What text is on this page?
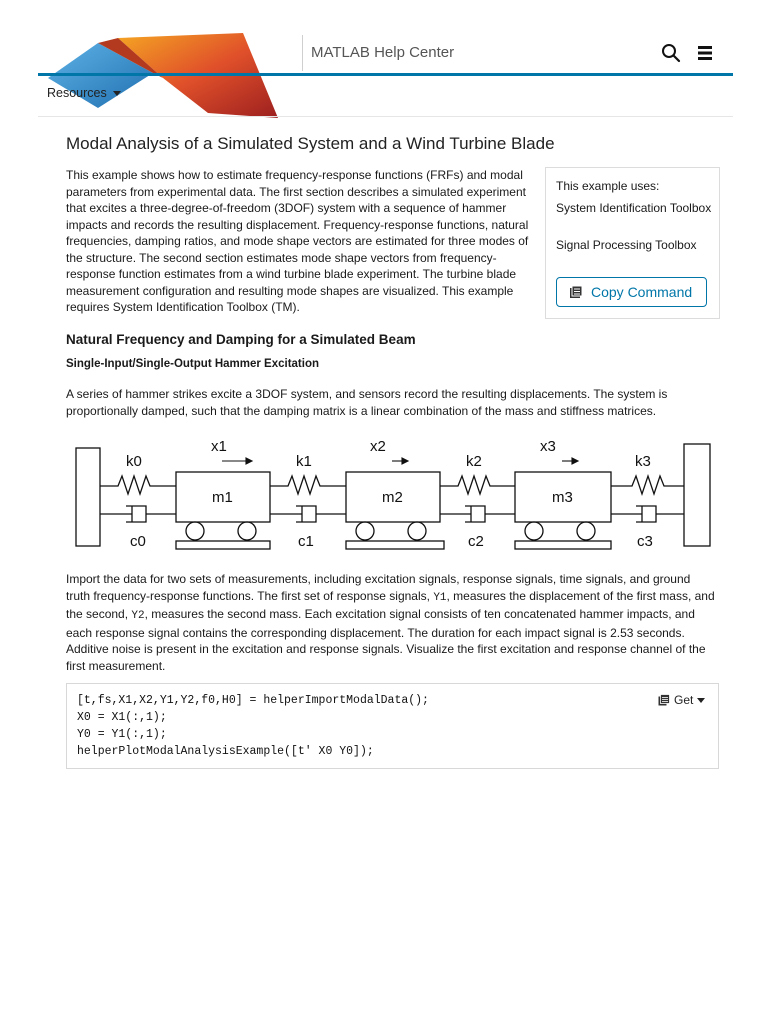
MATLAB Help Center
Resources
Modal Analysis of a Simulated System and a Wind Turbine Blade

This example shows how to estimate frequency-response functions (FRFs) and modal parameters from experimental data. The first section describes a simulated experiment that excites a three-degree-of-freedom (3DOF) system with a sequence of hammer impacts and records the resulting displacement. Frequency-response functions, natural frequencies, damping ratios, and mode shape vectors are estimated for three modes of the structure. The second section estimates mode shape vectors from frequency-response function estimates from a wind turbine blade experiment. The turbine blade measurement configuration and resulting mode shapes are visualized. This example requires System Identification Toolbox (TM).

This example uses:
System Identification Toolbox
Signal Processing Toolbox
Copy Command
Natural Frequency and Damping for a Simulated Beam
Single-Input/Single-Output Hammer Excitation

A series of hammer strikes excite a 3DOF system, and sensors record the resulting displacements. The system is proportionally damped, such that the damping matrix is a linear combination of the mass and stiffness matrices.

k0	k1	k2	k3
c0	c1	c2	c3
m1	m2	m3
x1	x2	x3

Import the data for two sets of measurements, including excitation signals, response signals, time signals, and ground truth frequency-response functions. The first set of response signals, Y1, measures the displacement of the first mass, and the second, Y2, measures the second mass. Each excitation signal consists of ten concatenated hammer impacts, and each response signal contains the corresponding displacement. The duration for each impact signal is 2.53 seconds. Additive noise is present in the excitation and response signals. Visualize the first excitation and response channel of the first measurement.

[t,fs,X1,X2,Y1,Y2,f0,H0] = helperImportModalData();
X0 = X1(:,1);
Y0 = Y1(:,1);
helperPlotModalAnalysisExample([t' X0 Y0]);
Get
